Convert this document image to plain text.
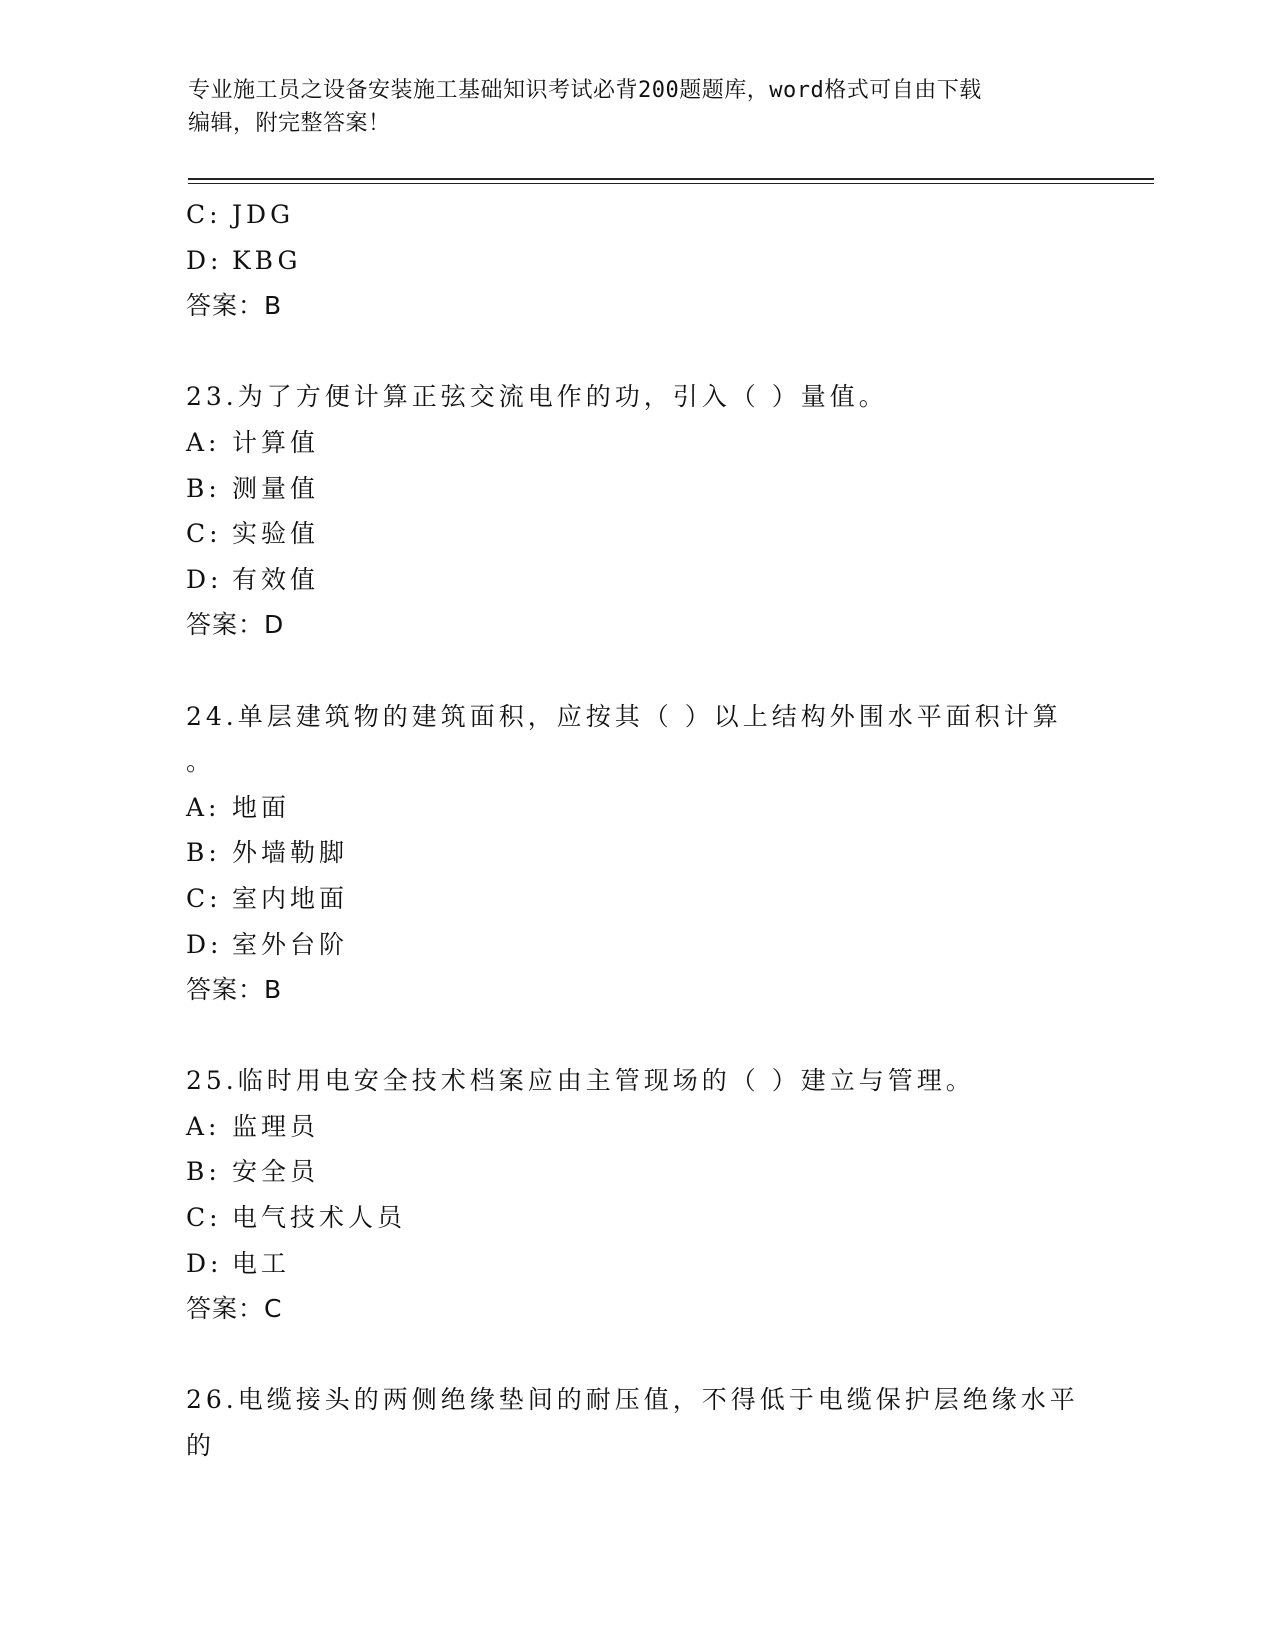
专业施工员之设备安装施工基础知识考试必背200题题库，word格式可自由下载
编辑，附完整答案！
C: JDG
D: KBG
答案：B
23.为了方便计算正弦交流电作的功，引入（ ）量值。
A: 计算值
B: 测量值
C: 实验值
D: 有效值
答案：D
24.单层建筑物的建筑面积，应按其（ ）以上结构外围水平面积计算
。
A: 地面
B: 外墙勒脚
C: 室内地面
D: 室外台阶
答案：B
25.临时用电安全技术档案应由主管现场的（ ）建立与管理。
A: 监理员
B: 安全员
C: 电气技术人员
D: 电工
答案：C
26.电缆接头的两侧绝缘垫间的耐压值，不得低于电缆保护层绝缘水平
的
